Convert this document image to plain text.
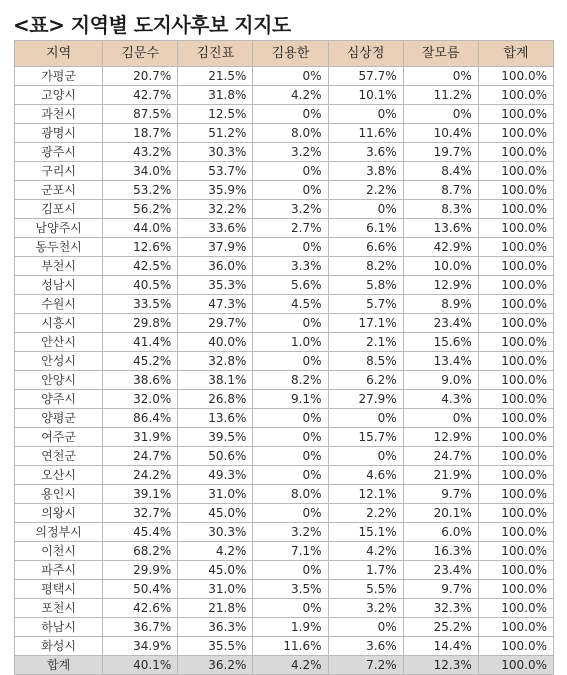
<표> 지역별 도지사후보 지지도
지역	김문수	김진표	김용한	심상정	잘모름	합계
가평군	20.7%	21.5%	0%	57.7%	0%	100.0%
고양시	42.7%	31.8%	4.2%	10.1%	11.2%	100.0%
과천시	87.5%	12.5%	0%	0%	0%	100.0%
광명시	18.7%	51.2%	8.0%	11.6%	10.4%	100.0%
광주시	43.2%	30.3%	3.2%	3.6%	19.7%	100.0%
구리시	34.0%	53.7%	0%	3.8%	8.4%	100.0%
군포시	53.2%	35.9%	0%	2.2%	8.7%	100.0%
김포시	56.2%	32.2%	3.2%	0%	8.3%	100.0%
남양주시	44.0%	33.6%	2.7%	6.1%	13.6%	100.0%
동두천시	12.6%	37.9%	0%	6.6%	42.9%	100.0%
부천시	42.5%	36.0%	3.3%	8.2%	10.0%	100.0%
성남시	40.5%	35.3%	5.6%	5.8%	12.9%	100.0%
수원시	33.5%	47.3%	4.5%	5.7%	8.9%	100.0%
시흥시	29.8%	29.7%	0%	17.1%	23.4%	100.0%
안산시	41.4%	40.0%	1.0%	2.1%	15.6%	100.0%
안성시	45.2%	32.8%	0%	8.5%	13.4%	100.0%
안양시	38.6%	38.1%	8.2%	6.2%	9.0%	100.0%
양주시	32.0%	26.8%	9.1%	27.9%	4.3%	100.0%
양평군	86.4%	13.6%	0%	0%	0%	100.0%
여주군	31.9%	39.5%	0%	15.7%	12.9%	100.0%
연천군	24.7%	50.6%	0%	0%	24.7%	100.0%
오산시	24.2%	49.3%	0%	4.6%	21.9%	100.0%
용인시	39.1%	31.0%	8.0%	12.1%	9.7%	100.0%
의왕시	32.7%	45.0%	0%	2.2%	20.1%	100.0%
의정부시	45.4%	30.3%	3.2%	15.1%	6.0%	100.0%
이천시	68.2%	4.2%	7.1%	4.2%	16.3%	100.0%
파주시	29.9%	45.0%	0%	1.7%	23.4%	100.0%
평택시	50.4%	31.0%	3.5%	5.5%	9.7%	100.0%
포천시	42.6%	21.8%	0%	3.2%	32.3%	100.0%
하남시	36.7%	36.3%	1.9%	0%	25.2%	100.0%
화성시	34.9%	35.5%	11.6%	3.6%	14.4%	100.0%
합계	40.1%	36.2%	4.2%	7.2%	12.3%	100.0%
